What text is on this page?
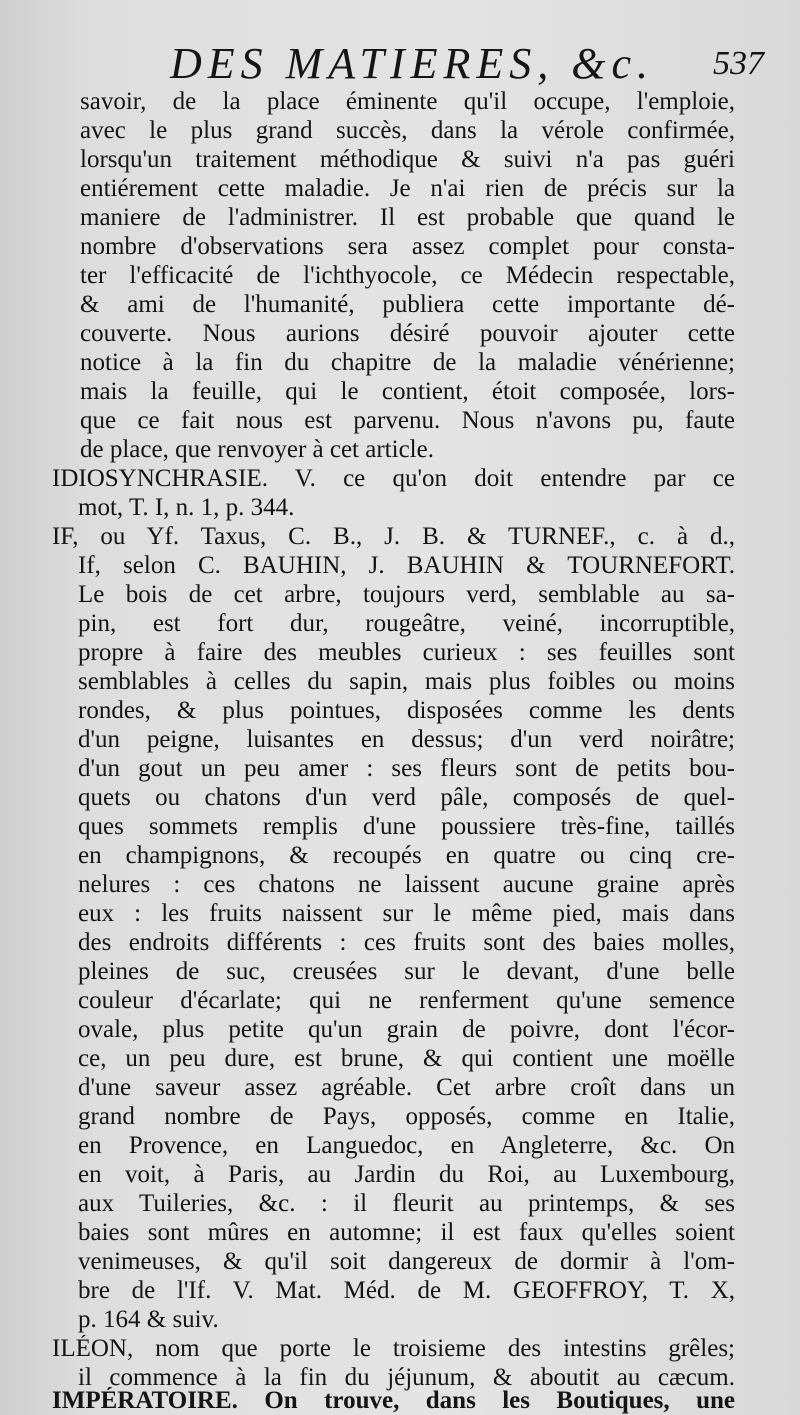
DES MATIERES, &c. 537
savoir, de la place éminente qu'il occupe, l'emploie,
avec le plus grand succès, dans la vérole confirmée,
lorsqu'un traitement méthodique & suivi n'a pas guéri
entiérement cette maladie. Je n'ai rien de précis sur la
maniere de l'administrer. Il est probable que quand le
nombre d'observations sera assez complet pour consta-
ter l'efficacité de l'ichthyocole, ce Médecin respectable,
& ami de l'humanité, publiera cette importante dé-
couverte. Nous aurions désiré pouvoir ajouter cette
notice à la fin du chapitre de la maladie vénérienne;
mais la feuille, qui le contient, étoit composée, lors-
que ce fait nous est parvenu. Nous n'avons pu, faute
de place, que renvoyer à cet article.
IDIOSYNCHRASIE. V. ce qu'on doit entendre par ce
mot, T. I, n. 1, p. 344.
IF, ou Yf. Taxus, C. B., J. B. & TURNEF., c. à d.,
If, selon C. BAUHIN, J. BAUHIN & TOURNEFORT.
Le bois de cet arbre, toujours verd, semblable au sa-
pin, est fort dur, rougeâtre, veiné, incorruptible,
propre à faire des meubles curieux : ses feuilles sont
semblables à celles du sapin, mais plus foibles ou moins
rondes, & plus pointues, disposées comme les dents
d'un peigne, luisantes en dessus; d'un verd noirâtre;
d'un gout un peu amer : ses fleurs sont de petits bou-
quets ou chatons d'un verd pâle, composés de quel-
ques sommets remplis d'une poussiere très-fine, taillés
en champignons, & recoupés en quatre ou cinq cre-
nelures : ces chatons ne laissent aucune graine après
eux : les fruits naissent sur le même pied, mais dans
des endroits différents : ces fruits sont des baies molles,
pleines de suc, creusées sur le devant, d'une belle
couleur d'écarlate; qui ne renferment qu'une semence
ovale, plus petite qu'un grain de poivre, dont l'écor-
ce, un peu dure, est brune, & qui contient une moëlle
d'une saveur assez agréable. Cet arbre croît dans un
grand nombre de Pays, opposés, comme en Italie,
en Provence, en Languedoc, en Angleterre, &c. On
en voit, à Paris, au Jardin du Roi, au Luxembourg,
aux Tuileries, &c. : il fleurit au printemps, & ses
baies sont mûres en automne; il est faux qu'elles soient
venimeuses, & qu'il soit dangereux de dormir à l'om-
bre de l'If. V. Mat. Méd. de M. GEOFFROY, T. X,
p. 164 & suiv.
ILÉON, nom que porte le troisieme des intestins grêles;
il commence à la fin du jéjunum, & aboutit au cæcum.
IMPÉRATOIRE. On trouve, dans les Boutiques, une
